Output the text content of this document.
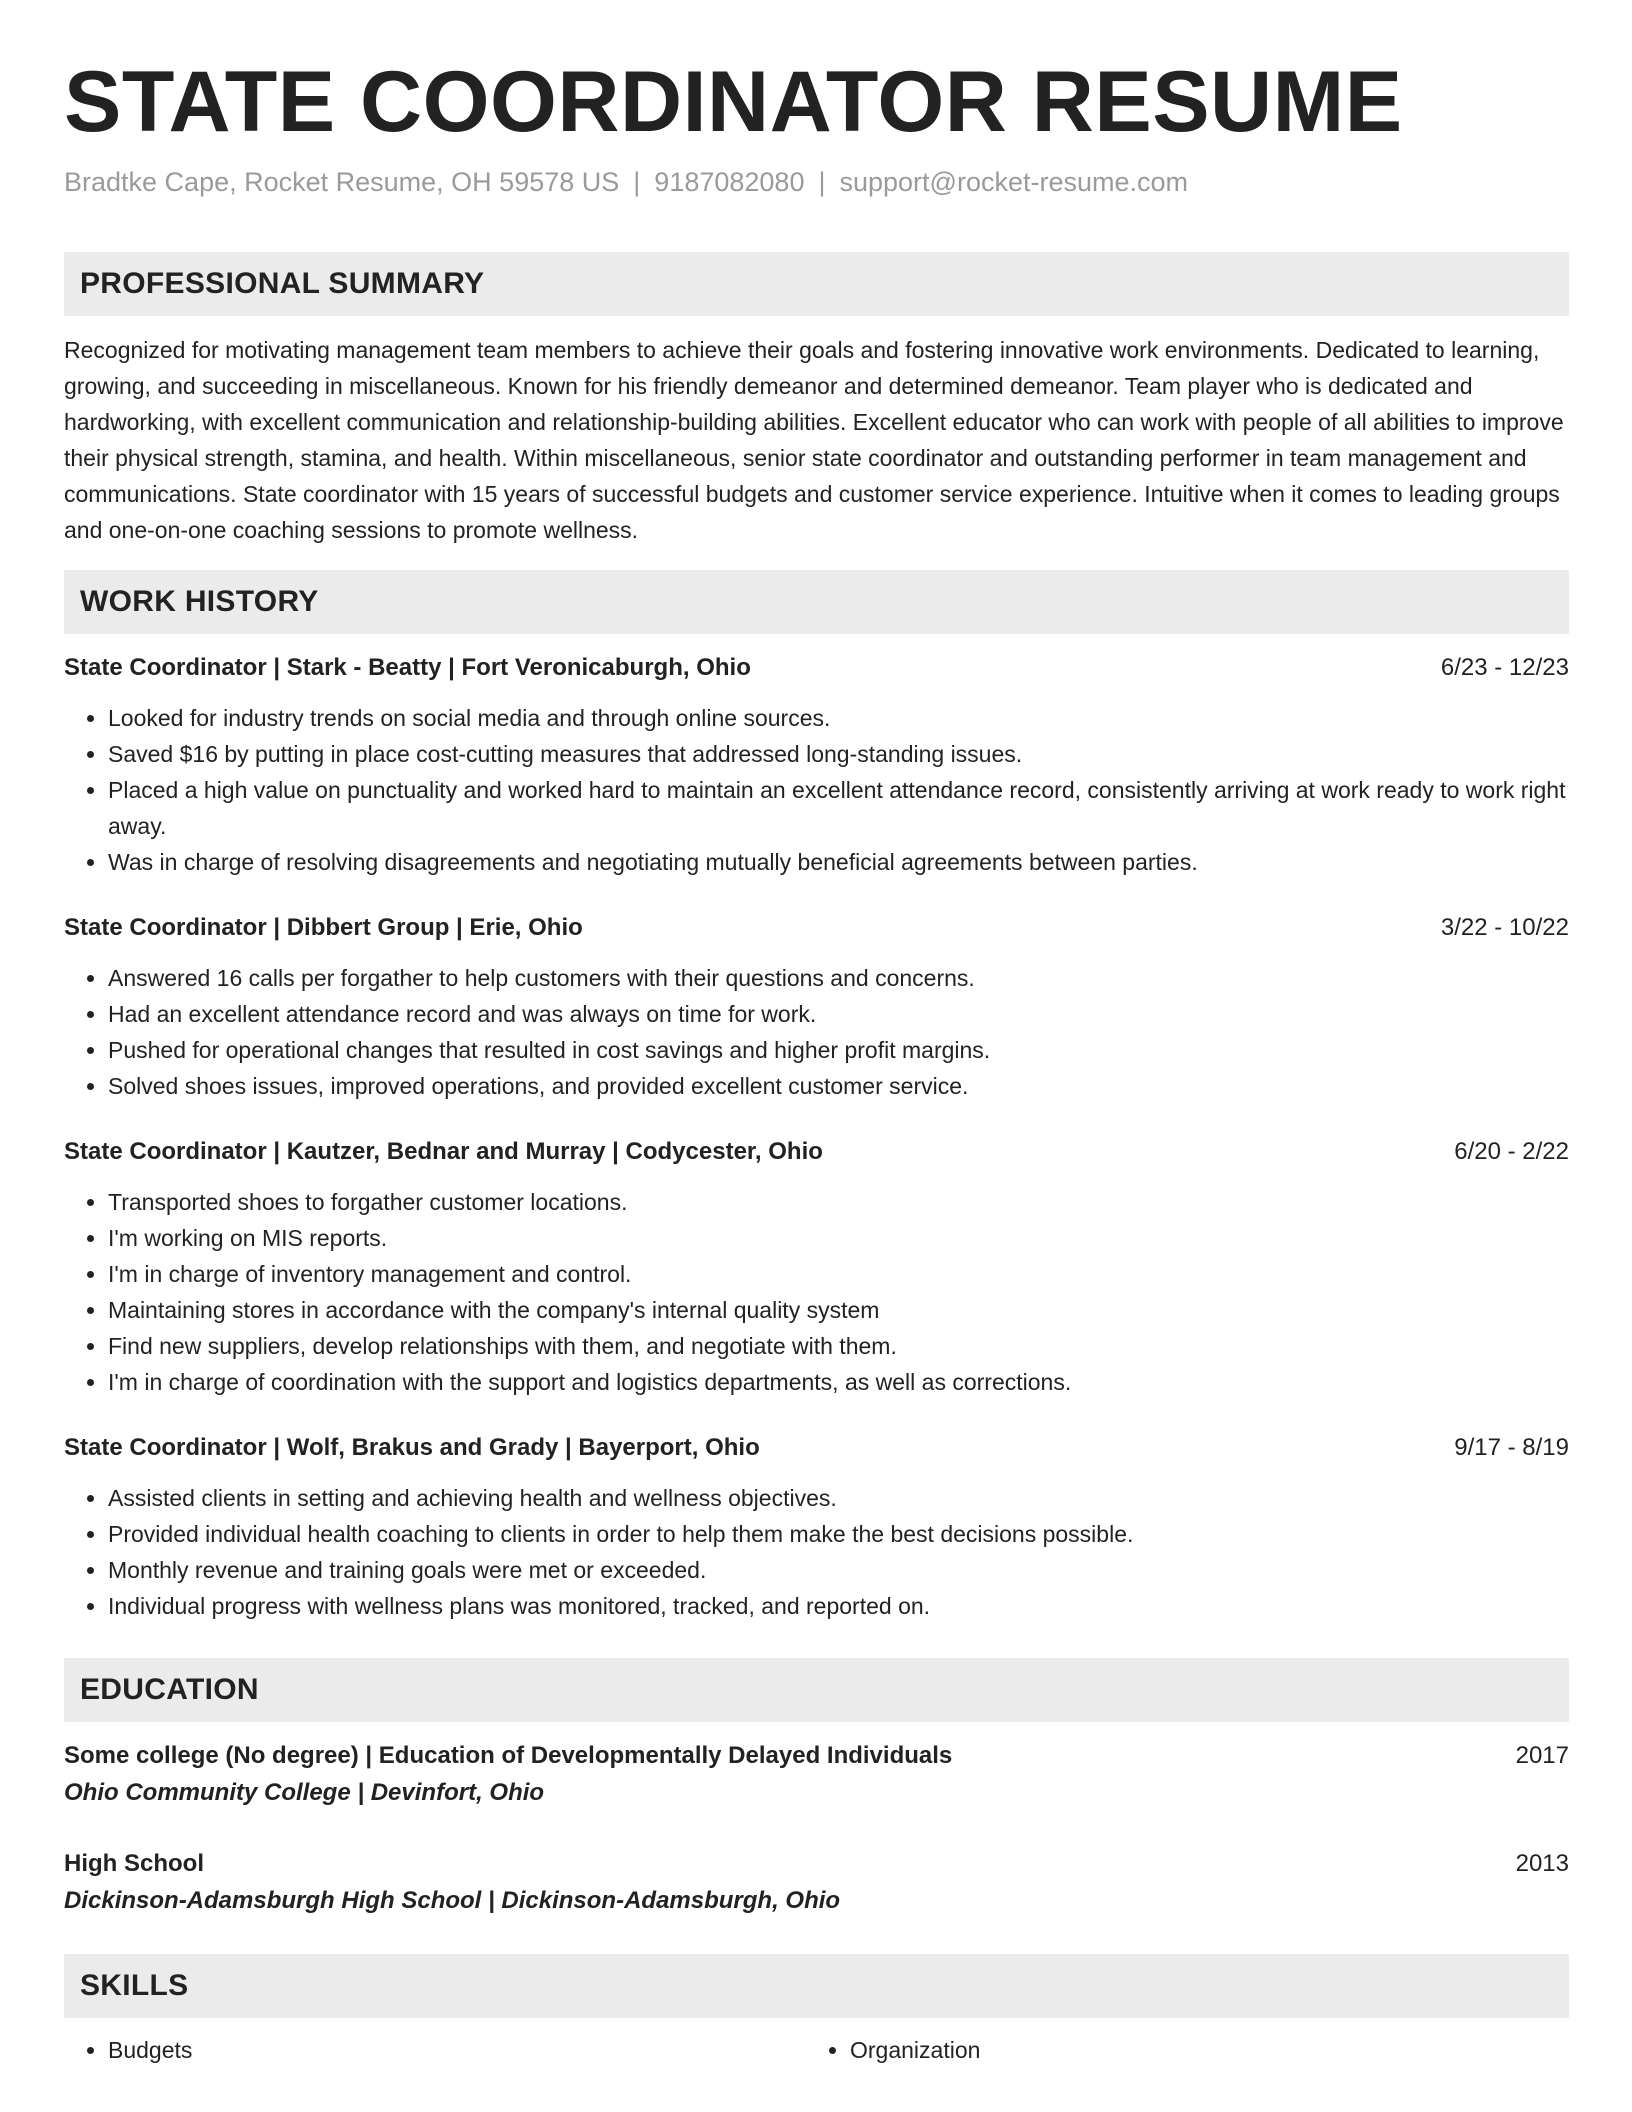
STATE COORDINATOR RESUME
Bradtke Cape, Rocket Resume, OH 59578 US | 9187082080 | support@rocket-resume.com
PROFESSIONAL SUMMARY
Recognized for motivating management team members to achieve their goals and fostering innovative work environments. Dedicated to learning, growing, and succeeding in miscellaneous. Known for his friendly demeanor and determined demeanor. Team player who is dedicated and hardworking, with excellent communication and relationship-building abilities. Excellent educator who can work with people of all abilities to improve their physical strength, stamina, and health. Within miscellaneous, senior state coordinator and outstanding performer in team management and communications. State coordinator with 15 years of successful budgets and customer service experience. Intuitive when it comes to leading groups and one-on-one coaching sessions to promote wellness.
WORK HISTORY
State Coordinator | Stark - Beatty | Fort Veronicaburgh, Ohio	6/23 - 12/23
• Looked for industry trends on social media and through online sources.
• Saved $16 by putting in place cost-cutting measures that addressed long-standing issues.
• Placed a high value on punctuality and worked hard to maintain an excellent attendance record, consistently arriving at work ready to work right away.
• Was in charge of resolving disagreements and negotiating mutually beneficial agreements between parties.
State Coordinator | Dibbert Group | Erie, Ohio	3/22 - 10/22
• Answered 16 calls per forgather to help customers with their questions and concerns.
• Had an excellent attendance record and was always on time for work.
• Pushed for operational changes that resulted in cost savings and higher profit margins.
• Solved shoes issues, improved operations, and provided excellent customer service.
State Coordinator | Kautzer, Bednar and Murray | Codycester, Ohio	6/20 - 2/22
• Transported shoes to forgather customer locations.
• I'm working on MIS reports.
• I'm in charge of inventory management and control.
• Maintaining stores in accordance with the company's internal quality system
• Find new suppliers, develop relationships with them, and negotiate with them.
• I'm in charge of coordination with the support and logistics departments, as well as corrections.
State Coordinator | Wolf, Brakus and Grady | Bayerport, Ohio	9/17 - 8/19
• Assisted clients in setting and achieving health and wellness objectives.
• Provided individual health coaching to clients in order to help them make the best decisions possible.
• Monthly revenue and training goals were met or exceeded.
• Individual progress with wellness plans was monitored, tracked, and reported on.
EDUCATION
Some college (No degree) | Education of Developmentally Delayed Individuals	2017
Ohio Community College | Devinfort, Ohio
High School	2013
Dickinson-Adamsburgh High School | Dickinson-Adamsburgh, Ohio
SKILLS
• Budgets
•	Organization
